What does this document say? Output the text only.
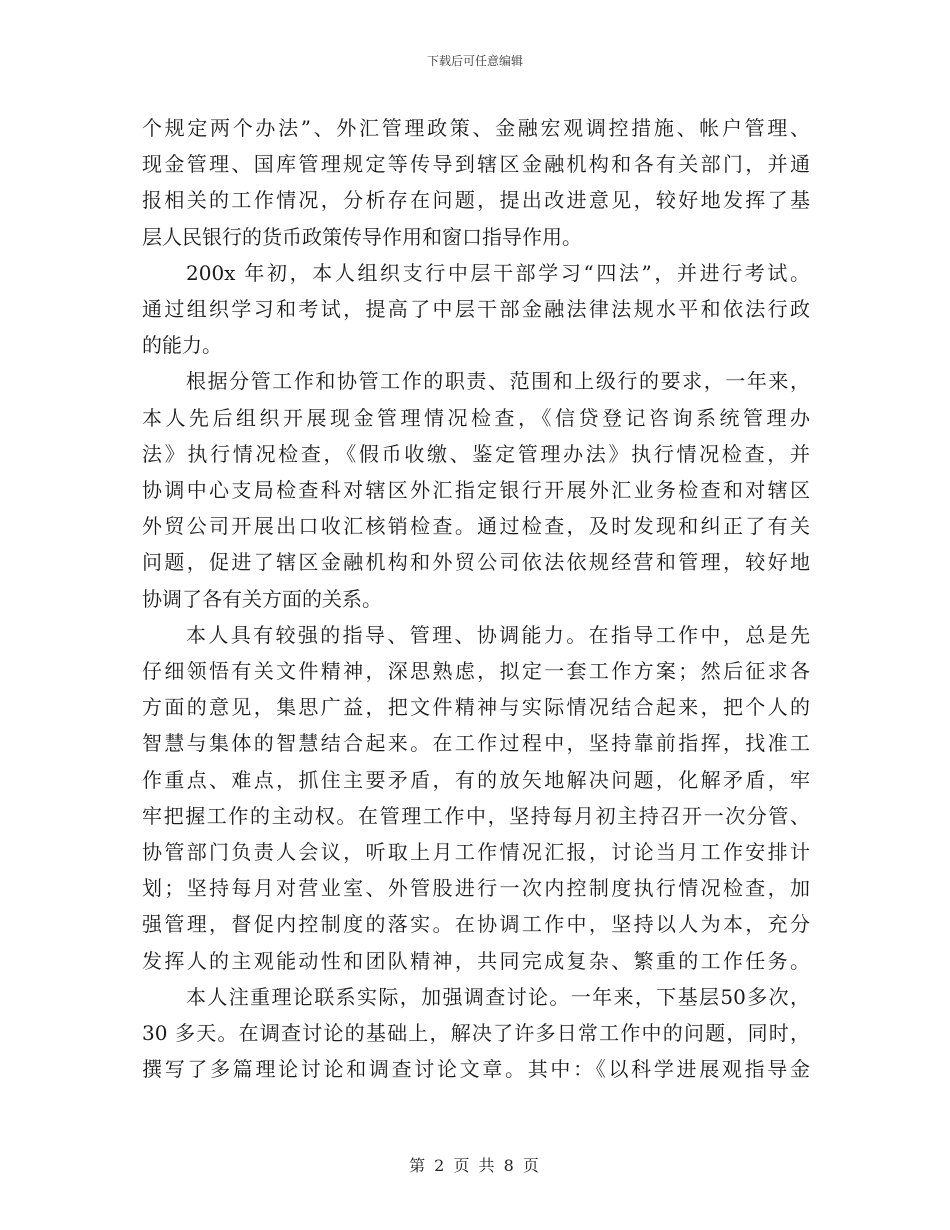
下载后可任意编辑
个规定两个办法”、外汇管理政策、金融宏观调控措施、帐户管理、
现金管理、国库管理规定等传导到辖区金融机构和各有关部门，并通
报相关的工作情况，分析存在问题，提出改进意见，较好地发挥了基
层人民银行的货币政策传导作用和窗口指导作用。
200x 年初，本人组织支行中层干部学习“四法”，并进行考试。
通过组织学习和考试，提高了中层干部金融法律法规水平和依法行政
的能力。
根据分管工作和协管工作的职责、范围和上级行的要求，一年来，
本人先后组织开展现金管理情况检查，《信贷登记咨询系统管理办
法》执行情况检查，《假币收缴、鉴定管理办法》执行情况检查，并
协调中心支局检查科对辖区外汇指定银行开展外汇业务检查和对辖区
外贸公司开展出口收汇核销检查。通过检查，及时发现和纠正了有关
问题，促进了辖区金融机构和外贸公司依法依规经营和管理，较好地
协调了各有关方面的关系。
本人具有较强的指导、管理、协调能力。在指导工作中，总是先
仔细领悟有关文件精神，深思熟虑，拟定一套工作方案；然后征求各
方面的意见，集思广益，把文件精神与实际情况结合起来，把个人的
智慧与集体的智慧结合起来。在工作过程中，坚持靠前指挥，找准工
作重点、难点，抓住主要矛盾，有的放矢地解决问题，化解矛盾，牢
牢把握工作的主动权。在管理工作中，坚持每月初主持召开一次分管、
协管部门负责人会议，听取上月工作情况汇报，讨论当月工作安排计
划；坚持每月对营业室、外管股进行一次内控制度执行情况检查，加
强管理，督促内控制度的落实。在协调工作中，坚持以人为本，充分
发挥人的主观能动性和团队精神，共同完成复杂、繁重的工作任务。
本人注重理论联系实际，加强调查讨论。一年来，下基层50多次，
30 多天。在调查讨论的基础上，解决了许多日常工作中的问题，同时，
撰写了多篇理论讨论和调查讨论文章。其中：《以科学进展观指导金
第 2 页 共 8 页
